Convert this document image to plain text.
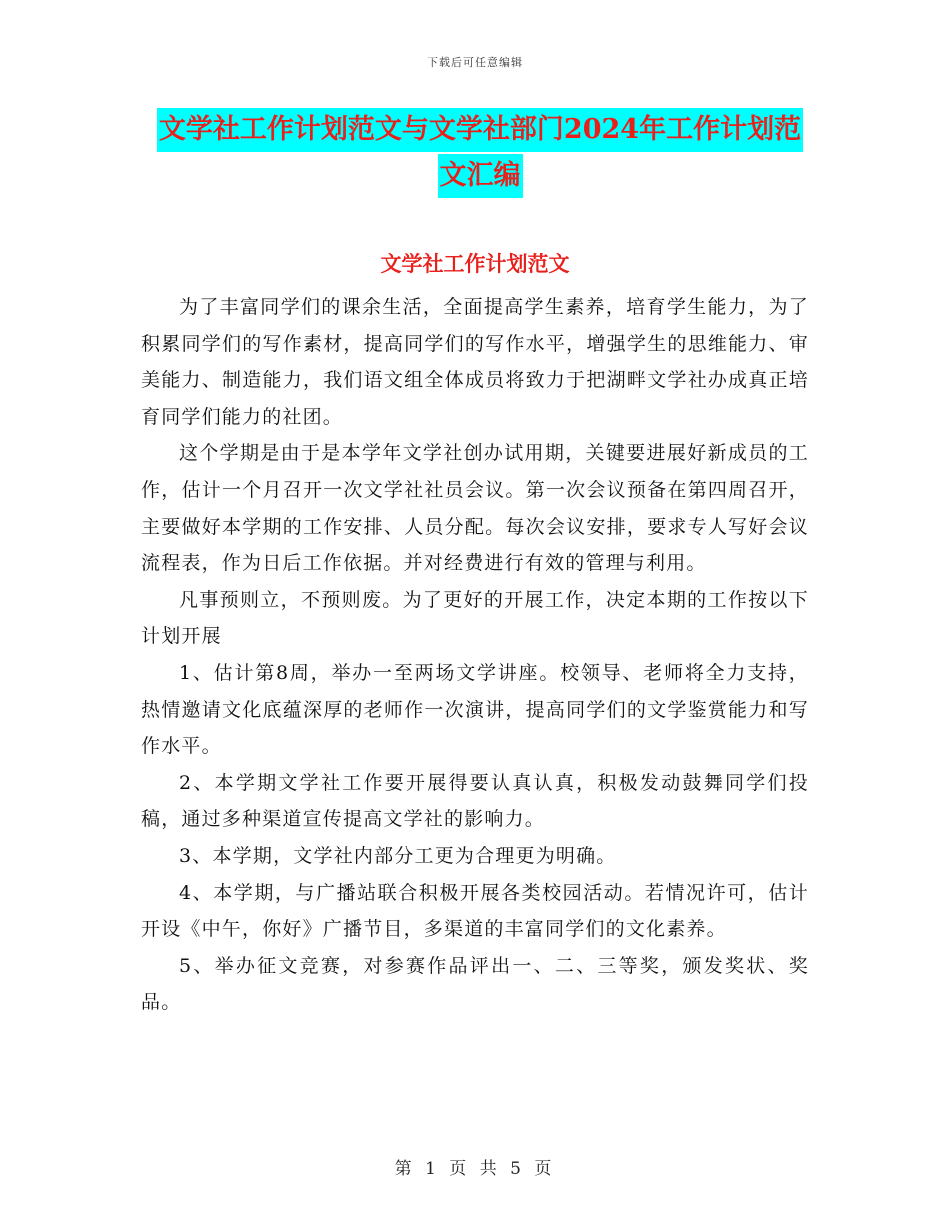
下载后可任意编辑
文学社工作计划范文与文学社部门2024年工作计划范
文汇编
文学社工作计划范文

为了丰富同学们的课余生活，全面提高学生素养，培育学生能力，为了积累同学们的写作素材，提高同学们的写作水平，增强学生的思维能力、审美能力、制造能力，我们语文组全体成员将致力于把湖畔文学社办成真正培育同学们能力的社团。

这个学期是由于是本学年文学社创办试用期，关键要进展好新成员的工作，估计一个月召开一次文学社社员会议。第一次会议预备在第四周召开，主要做好本学期的工作安排、人员分配。每次会议安排，要求专人写好会议流程表，作为日后工作依据。并对经费进行有效的管理与利用。

凡事预则立，不预则废。为了更好的开展工作，决定本期的工作按以下计划开展

1、估计第8周，举办一至两场文学讲座。校领导、老师将全力支持，热情邀请文化底蕴深厚的老师作一次演讲，提高同学们的文学鉴赏能力和写作水平。

2、本学期文学社工作要开展得要认真认真，积极发动鼓舞同学们投稿，通过多种渠道宣传提高文学社的影响力。

3、本学期，文学社内部分工更为合理更为明确。

4、本学期，与广播站联合积极开展各类校园活动。若情况许可，估计开设《中午，你好》广播节目，多渠道的丰富同学们的文化素养。

5、举办征文竞赛，对参赛作品评出一、二、三等奖，颁发奖状、奖品。

第 1 页 共 5 页
